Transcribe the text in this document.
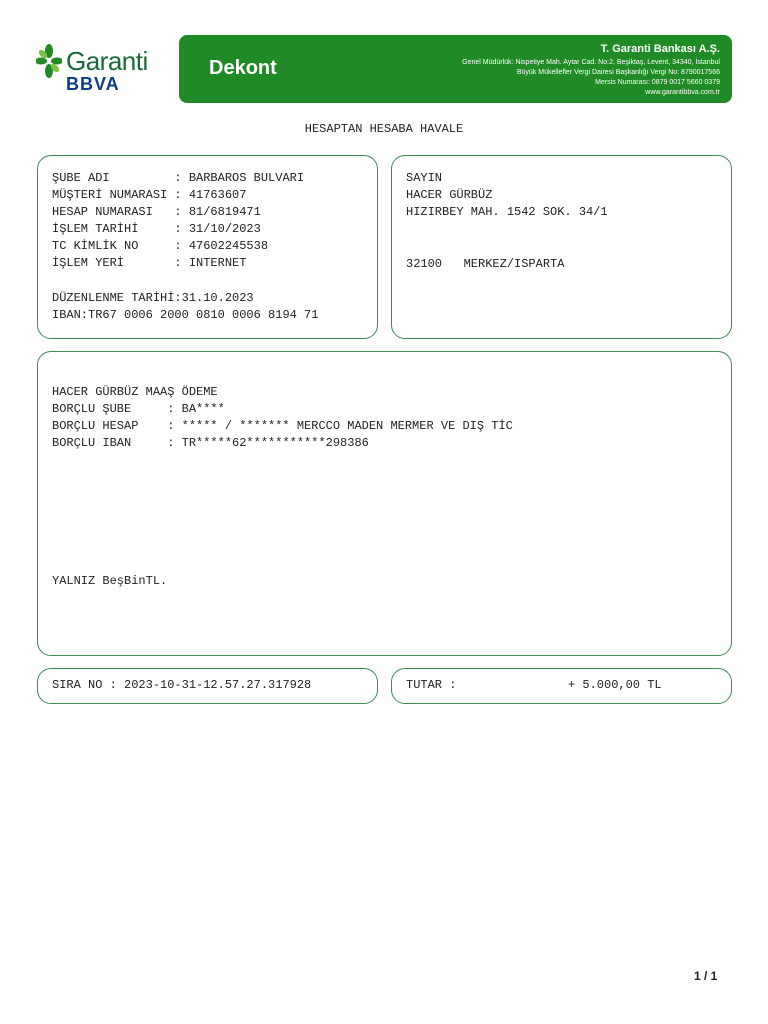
Garanti
BBVA
Dekont
T. Garanti Bankası A.Ş.
Genel Müdürlük: Nispetiye Mah. Aytar Cad. No:2, Beşiktaş, Levent, 34340, İstanbul
Büyük Mükellefler Vergi Dairesi Başkanlığı Vergi No: 8790017566
Mersis Numarası: 0879 0017 5660 0379
www.garantibbva.com.tr
HESAPTAN HESABA HAVALE
ŞUBE ADI         : BARBAROS BULVARI
MÜŞTERİ NUMARASI : 41763607
HESAP NUMARASI   : 81/6819471
İŞLEM TARİHİ     : 31/10/2023
TC KİMLİK NO     : 47602245538
İŞLEM YERİ       : INTERNET
DÜZENLENME TARİHİ:31.10.2023
IBAN:TR67 0006 2000 0810 0006 8194 71
SAYIN
HACER GÜRBÜZ
HIZIRBEY MAH. 1542 SOK. 34/1
32100   MERKEZ/ISPARTA
HACER GÜRBÜZ MAAŞ ÖDEME
BORÇLU ŞUBE     : BA****
BORÇLU HESAP    : ***** / ******* MERCCO MADEN MERMER VE DIŞ TİC
BORÇLU IBAN     : TR*****62***********298386
YALNIZ BeşBinTL.
SIRA NO : 2023-10-31-12.57.27.317928	TUTAR :	+ 5.000,00 TL
1 / 1
